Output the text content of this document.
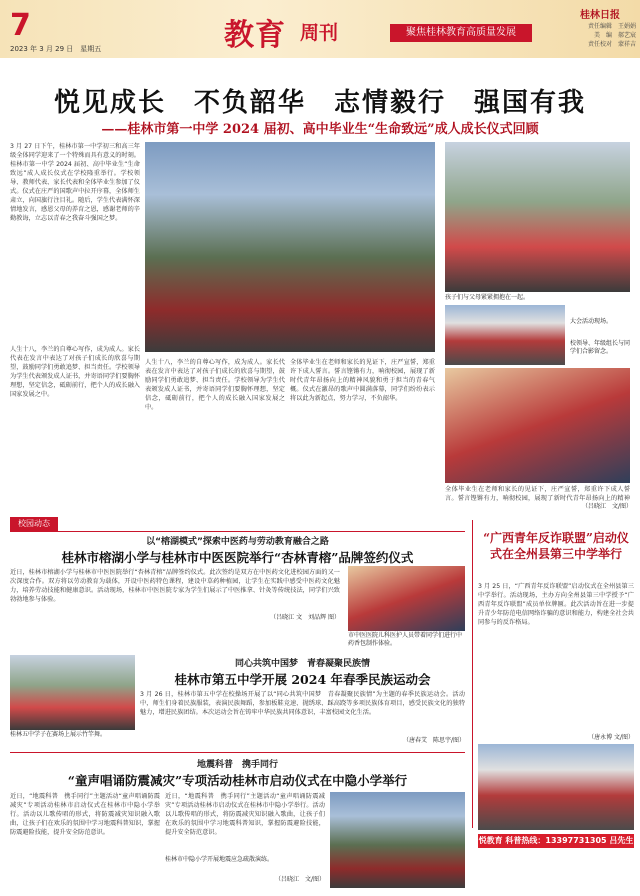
7
2023 年 3 月 29 日　星期五	教育 周刊	聚焦桂林教育高质量发展
桂林日报
责任编辑　王娟娟
美　编　郝艺宸
责任校对　蒙祥吉
悦见成长　不负韶华　志情毅行　强国有我
——桂林市第一中学 2024 届初、高中毕业生“生命致远”成人成长仪式回顾
3 月 27 日下午，桂林市第一中学初三和高三年级全体同学迎来了一个特殊而具有意义的时刻。桂林市第一中学 2024 届初、高中毕业生“生命致远”成人成长仪式在学校隆重举行。学校领导、教师代表、家长代表和全体毕业生参加了仪式。仪式在庄严的国歌声中拉开序幕，全体师生肃立，向国旗行注目礼。随后，学生代表满怀深情地发言，感恩父母的养育之恩，感谢老师的辛勤教诲，立志以青春之我奋斗强国之梦。
孩子们与父母紧紧拥抱在一起。
大会活动现场。
校领导、年级组长与同学们合影留念。
人生十八，李兰的自尊心写作，成为成人。家长代表在发言中表达了对孩子们成长的欣喜与期望，鼓励同学们勇敢追梦、担当责任。学校领导为学生代表颁发成人证书，并寄语同学们要胸怀理想，坚定信念，砥砺前行，把个人的成长融入国家发展之中。
人生十八，李兰的自尊心写作，成为成人。家长代表在发言中表达了对孩子们成长的欣喜与期望，鼓励同学们勇敢追梦、担当责任。学校领导为学生代表颁发成人证书，并寄语同学们要胸怀理想，坚定信念，砥砺前行，把个人的成长融入国家发展之中。
全体毕业生在老师和家长的见证下，庄严宣誓，郑重许下成人誓言。誓言铿锵有力，响彻校园，展现了新时代青年昂扬向上的精神风貌和勇于担当的青春气概。仪式在激昂的歌声中圆满落幕，同学们纷纷表示将以此为新起点，努力学习，不负韶华。
全体毕业生在老师和家长的见证下，庄严宣誓，郑重许下成人誓言。誓言铿锵有力，响彻校园，展现了新时代青年昂扬向上的精神
（吕晓江　文/图）
校园动态
以“榕湖模式”探索中医药与劳动教育融合之路
桂林市榕湖小学与桂林市中医医院举行“杏林青榕”品牌签约仪式
近日，桂林市榕湖小学与桂林市中医医院举行“杏林青榕”品牌签约仪式。此次签约是双方在中医药文化进校园方面的又一次深度合作。双方将以劳动教育为载体，开设中医药特色课程，建设中草药种植园，让学生在实践中感受中医药文化魅力，培养劳动技能和健康意识。活动现场，桂林市中医医院专家为学生们展示了中医推拿、针灸等传统技法，同学们兴致勃勃地参与体验。
市中医医院儿科医护人员带着同学们进行中药香包制作体验。
（吕晓江 文　刘品辉 图）
同心共筑中国梦　青春凝聚民族情
桂林市第五中学开展 2024 年春季民族运动会
桂林五中学子在赛场上展示竹竿舞。
3 月 26 日，桂林市第五中学在校操场开展了以“同心共筑中国梦　青春凝聚民族情”为主题的春季民族运动会。活动中，师生们身着民族服装，表演民族舞蹈，参加板鞋竞速、抛绣球、踩高跷等多项民族体育项目，感受民族文化的独特魅力，增进民族团结。本次运动会旨在铸牢中华民族共同体意识，丰富校园文化生活。
（唐春艾　陈思宇/图）
“广西青年反诈联盟”启动仪式在全州县第三中学举行
3 月 25 日，“广西青年反诈联盟”启动仪式在全州县第三中学举行。活动现场，主办方向全州县第三中学授予“广西青年反诈联盟”成员单位牌匾。此次活动旨在进一步提升青少年防范电信网络诈骗的意识和能力，构建全社会共同参与的反诈格局。
（唐永博 文/图）
地震科普　携手同行
“童声唱诵防震减灾”专项活动桂林市启动仪式在中隐小学举行
近日，“地震科普　携手同行”主题活动“童声唱诵防震减灾”专项活动桂林市启动仪式在桂林市中隐小学举行。活动以儿歌传唱的形式，将防震减灾知识融入歌曲，让孩子们在欢乐的氛围中学习地震科普知识，掌握防震避险技能，提升安全防范意识。
近日，“地震科普　携手同行”主题活动“童声唱诵防震减灾”专项活动桂林市启动仪式在桂林市中隐小学举行。活动以儿歌传唱的形式，将防震减灾知识融入歌曲，让孩子们在欢乐的氛围中学习地震科普知识，掌握防震避险技能，提升安全防范意识。
桂林市中隐小学开展地震应急疏散演练。
（吕晓江　文/图）
悦教育 科普热线：13397731305 吕先生
